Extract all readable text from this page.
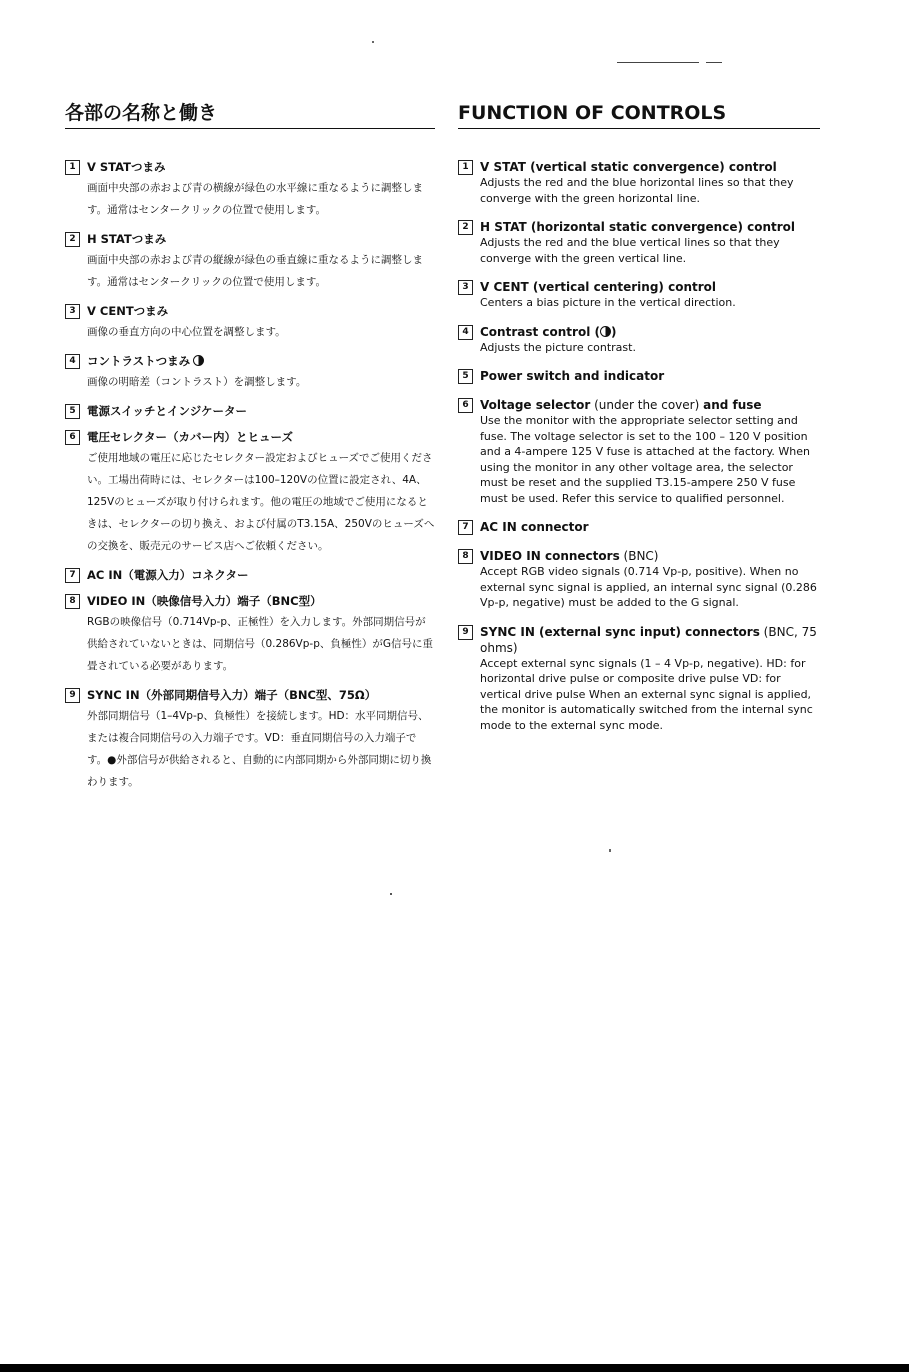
各部の名称と働き
1 V STATつまみ

画面中央部の赤および青の横線が緑色の水平線に重なるように調整します。通常はセンタークリックの位置で使用します。

2 H STATつまみ

画面中央部の赤および青の縦線が緑色の垂直線に重なるように調整します。通常はセンタークリックの位置で使用します。

3 V CENTつまみ

画像の垂直方向の中心位置を調整します。

4 コントラストつまみ

画像の明暗差（コントラスト）を調整します。

5 電源スイッチとインジケーター
6 電圧セレクター（カバー内）とヒューズ

ご使用地域の電圧に応じたセレクター設定およびヒューズでご使用ください。工場出荷時には、セレクターは100–120Vの位置に設定され、4A、125Vのヒューズが取り付けられます。他の電圧の地域でご使用になるときは、セレクターの切り換え、および付属のT3.15A、250Vのヒューズへの交換を、販売元のサービス店へご依頼ください。

7 AC IN（電源入力）コネクター
8 VIDEO IN（映像信号入力）端子（BNC型）

RGBの映像信号（0.714Vp-p、正極性）を入力します。外部同期信号が供給されていないときは、同期信号（0.286Vp-p、負極性）がG信号に重畳されている必要があります。

9 SYNC IN（外部同期信号入力）端子（BNC型、75Ω）

外部同期信号（1–4Vp-p、負極性）を接続します。HD：水平同期信号、または複合同期信号の入力端子です。VD：垂直同期信号の入力端子です。●外部信号が供給されると、自動的に内部同期から外部同期に切り換わります。

FUNCTION OF CONTROLS
1 V STAT (vertical static convergence) control

Adjusts the red and the blue horizontal lines so that they converge with the green horizontal line.

2 H STAT (horizontal static convergence) control

Adjusts the red and the blue vertical lines so that they converge with the green vertical line.

3 V CENT (vertical centering) control

Centers a bias picture in the vertical direction.

4 Contrast control ( )

Adjusts the picture contrast.

5 Power switch and indicator
6 Voltage selector (under the cover) and fuse

Use the monitor with the appropriate selector setting and fuse. The voltage selector is set to the 100 – 120 V position and a 4-ampere 125 V fuse is attached at the factory. When using the monitor in any other voltage area, the selector must be reset and the supplied T3.15-ampere 250 V fuse must be used. Refer this service to qualified personnel.

7 AC IN connector
8 VIDEO IN connectors (BNC)

Accept RGB video signals (0.714 Vp-p, positive). When no external sync signal is applied, an internal sync signal (0.286 Vp-p, negative) must be added to the G signal.

9 SYNC IN (external sync input) connectors (BNC, 75 ohms)

Accept external sync signals (1 – 4 Vp-p, negative). HD: for horizontal drive pulse or composite drive pulse VD: for vertical drive pulse When an external sync signal is applied, the monitor is automatically switched from the internal sync mode to the external sync mode.
